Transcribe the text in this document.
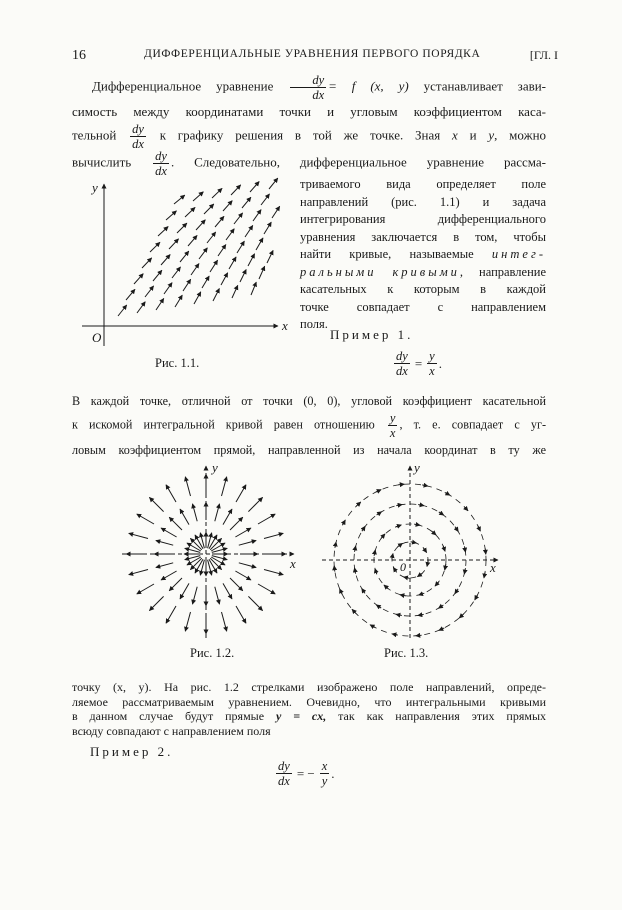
16	ДИФФЕРЕНЦИАЛЬНЫЕ УРАВНЕНИЯ ПЕРВОГО ПОРЯДКА	[ГЛ. I
Дифференциальное уравнение $\frac{dy}{dx} = f$ (x, y) устанавливает зави-
симость между координатами точки и угловым коэффициентом каса-
тельной $\frac{dy}{dx}$ к графику решения в той же точке. Зная x и y, можно
вычислить $\frac{dy}{dx}$ . Следовательно, дифференциальное уравнение рассма-
y
x
O
Рис. 1.1.
триваемого вида определяет поле
направлений (рис. 1.1) и задача
интегрирования дифференциального
уравнения заключается в том, чтобы
найти кривые, называемые интег-
ральными кривыми, направление
касательных к которым в каждой
точке совпадает с направлением
поля.
Пример 1.
$\frac{dy}{dx} = \frac{y}{x}$ .
В каждой точке, отличной от точки (0, 0), угловой коэффициент касательной
к искомой интегральной кривой равен отношению $\frac{y}{x}$ , т. е. совпадает с уг-
ловым коэффициентом прямой, направленной из начала координат в ту же
y
x
Рис. 1.2.
y
x
0
Рис. 1.3.
точку (x, y). На рис. 1.2 стрелками изображено поле направлений, опреде-
ляемое рассматриваемым уравнением. Очевидно, что интегральными кривыми
в данном случае будут прямые y = cx, так как направления этих прямых
всюду совпадают с направлением поля
Пример 2.
$\frac{dy}{dx}$ = − $\frac{x}{y}$ .
